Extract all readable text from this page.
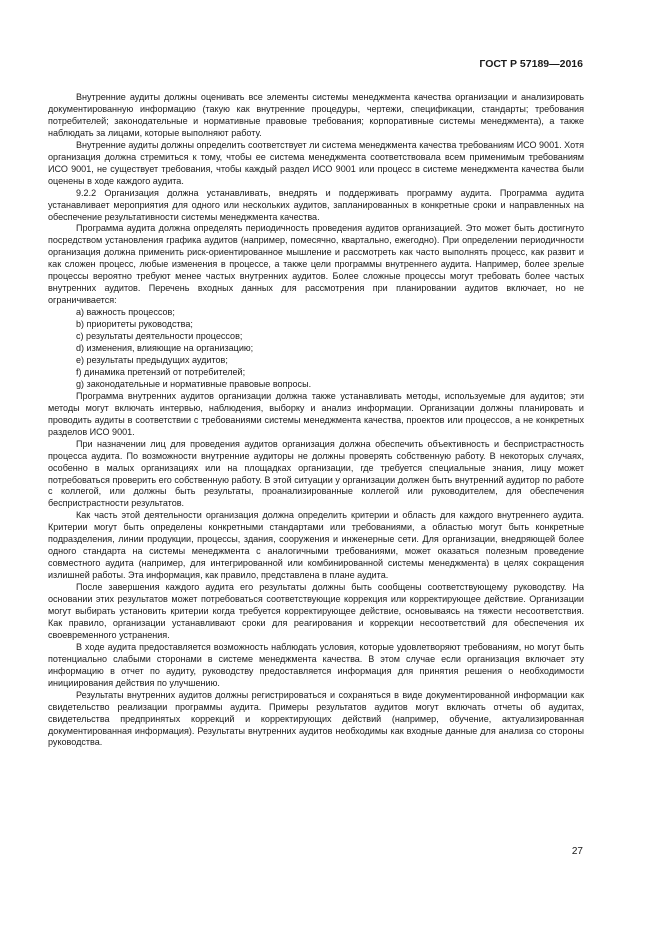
ГОСТ Р 57189—2016

Внутренние аудиты должны оценивать все элементы системы менеджмента качества организации и анализировать документированную информацию (такую как внутренние процедуры, чертежи, спецификации, стандарты; требования потребителей; законодательные и нормативные правовые требования; корпоративные системы менеджмента), а также наблюдать за лицами, которые выполняют работу.

Внутренние аудиты должны определить соответствует ли система менеджмента качества требованиям ИСО 9001. Хотя организация должна стремиться к тому, чтобы ее система менеджмента соответствовала всем применимым требованиям ИСО 9001, не существует требования, чтобы каждый раздел ИСО 9001 или процесс в системе менеджмента качества были оценены в ходе каждого аудита.

9.2.2 Организация должна устанавливать, внедрять и поддерживать программу аудита. Программа аудита устанавливает мероприятия для одного или нескольких аудитов, запланированных в конкретные сроки и направленных на обеспечение результативности системы менеджмента качества.

Программа аудита должна определять периодичность проведения аудитов организацией. Это может быть достигнуто посредством установления графика аудитов (например, помесячно, квартально, ежегодно). При определении периодичности организация должна применить риск-ориентированное мышление и рассмотреть как часто выполнять процесс, как развит и как сложен процесс, любые изменения в процессе, а также цели программы внутреннего аудита. Например, более зрелые процессы вероятно требуют менее частых внутренних аудитов. Более сложные процессы могут требовать более частых внутренних аудитов. Перечень входных данных для рассмотрения при планировании аудитов включает, но не ограничивается:

a) важность процессов;

b) приоритеты руководства;

c) результаты деятельности процессов;

d) изменения, влияющие на организацию;

e) результаты предыдущих аудитов;

f) динамика претензий от потребителей;

g) законодательные и нормативные правовые вопросы.

Программа внутренних аудитов организации должна также устанавливать методы, используемые для аудитов; эти методы могут включать интервью, наблюдения, выборку и анализ информации. Организации должны планировать и проводить аудиты в соответствии с требованиями системы менеджмента качества, проектов или процессов, а не конкретных разделов ИСО 9001.

При назначении лиц для проведения аудитов организация должна обеспечить объективность и беспристрастность процесса аудита. По возможности внутренние аудиторы не должны проверять собственную работу. В некоторых случаях, особенно в малых организациях или на площадках организации, где требуется специальные знания, лицу может потребоваться проверить его собственную работу. В этой ситуации у организации должен быть внутренний аудитор по работе с коллегой, или должны быть результаты, проанализированные коллегой или руководителем, для обеспечения беспристрастности результатов.

Как часть этой деятельности организация должна определить критерии и область для каждого внутреннего аудита. Критерии могут быть определены конкретными стандартами или требованиями, а областью могут быть конкретные подразделения, линии продукции, процессы, здания, сооружения и инженерные сети. Для организации, внедряющей более одного стандарта на системы менеджмента с аналогичными требованиями, может оказаться полезным проведение совместного аудита (например, для интегрированной или комбинированной системы менеджмента) в целях сокращения излишней работы. Эта информация, как правило, представлена в плане аудита.

После завершения каждого аудита его результаты должны быть сообщены соответствующему руководству. На основании этих результатов может потребоваться соответствующие коррекция или корректирующее действие. Организации могут выбирать установить критерии когда требуется корректирующее действие, основываясь на тяжести несоответствия. Как правило, организации устанавливают сроки для реагирования и коррекции несоответствий для обеспечения их своевременного устранения.

В ходе аудита предоставляется возможность наблюдать условия, которые удовлетворяют требованиям, но могут быть потенциально слабыми сторонами в системе менеджмента качества. В этом случае если организация включает эту информацию в отчет по аудиту, руководству предоставляется информация для принятия решения о необходимости инициирования действия по улучшению.

Результаты внутренних аудитов должны регистрироваться и сохраняться в виде документированной информации как свидетельство реализации программы аудита. Примеры результатов аудитов могут включать отчеты об аудитах, свидетельства предпринятых коррекций и корректирующих действий (например, обучение, актуализированная документированная информация). Результаты внутренних аудитов необходимы как входные данные для анализа со стороны руководства.

27
